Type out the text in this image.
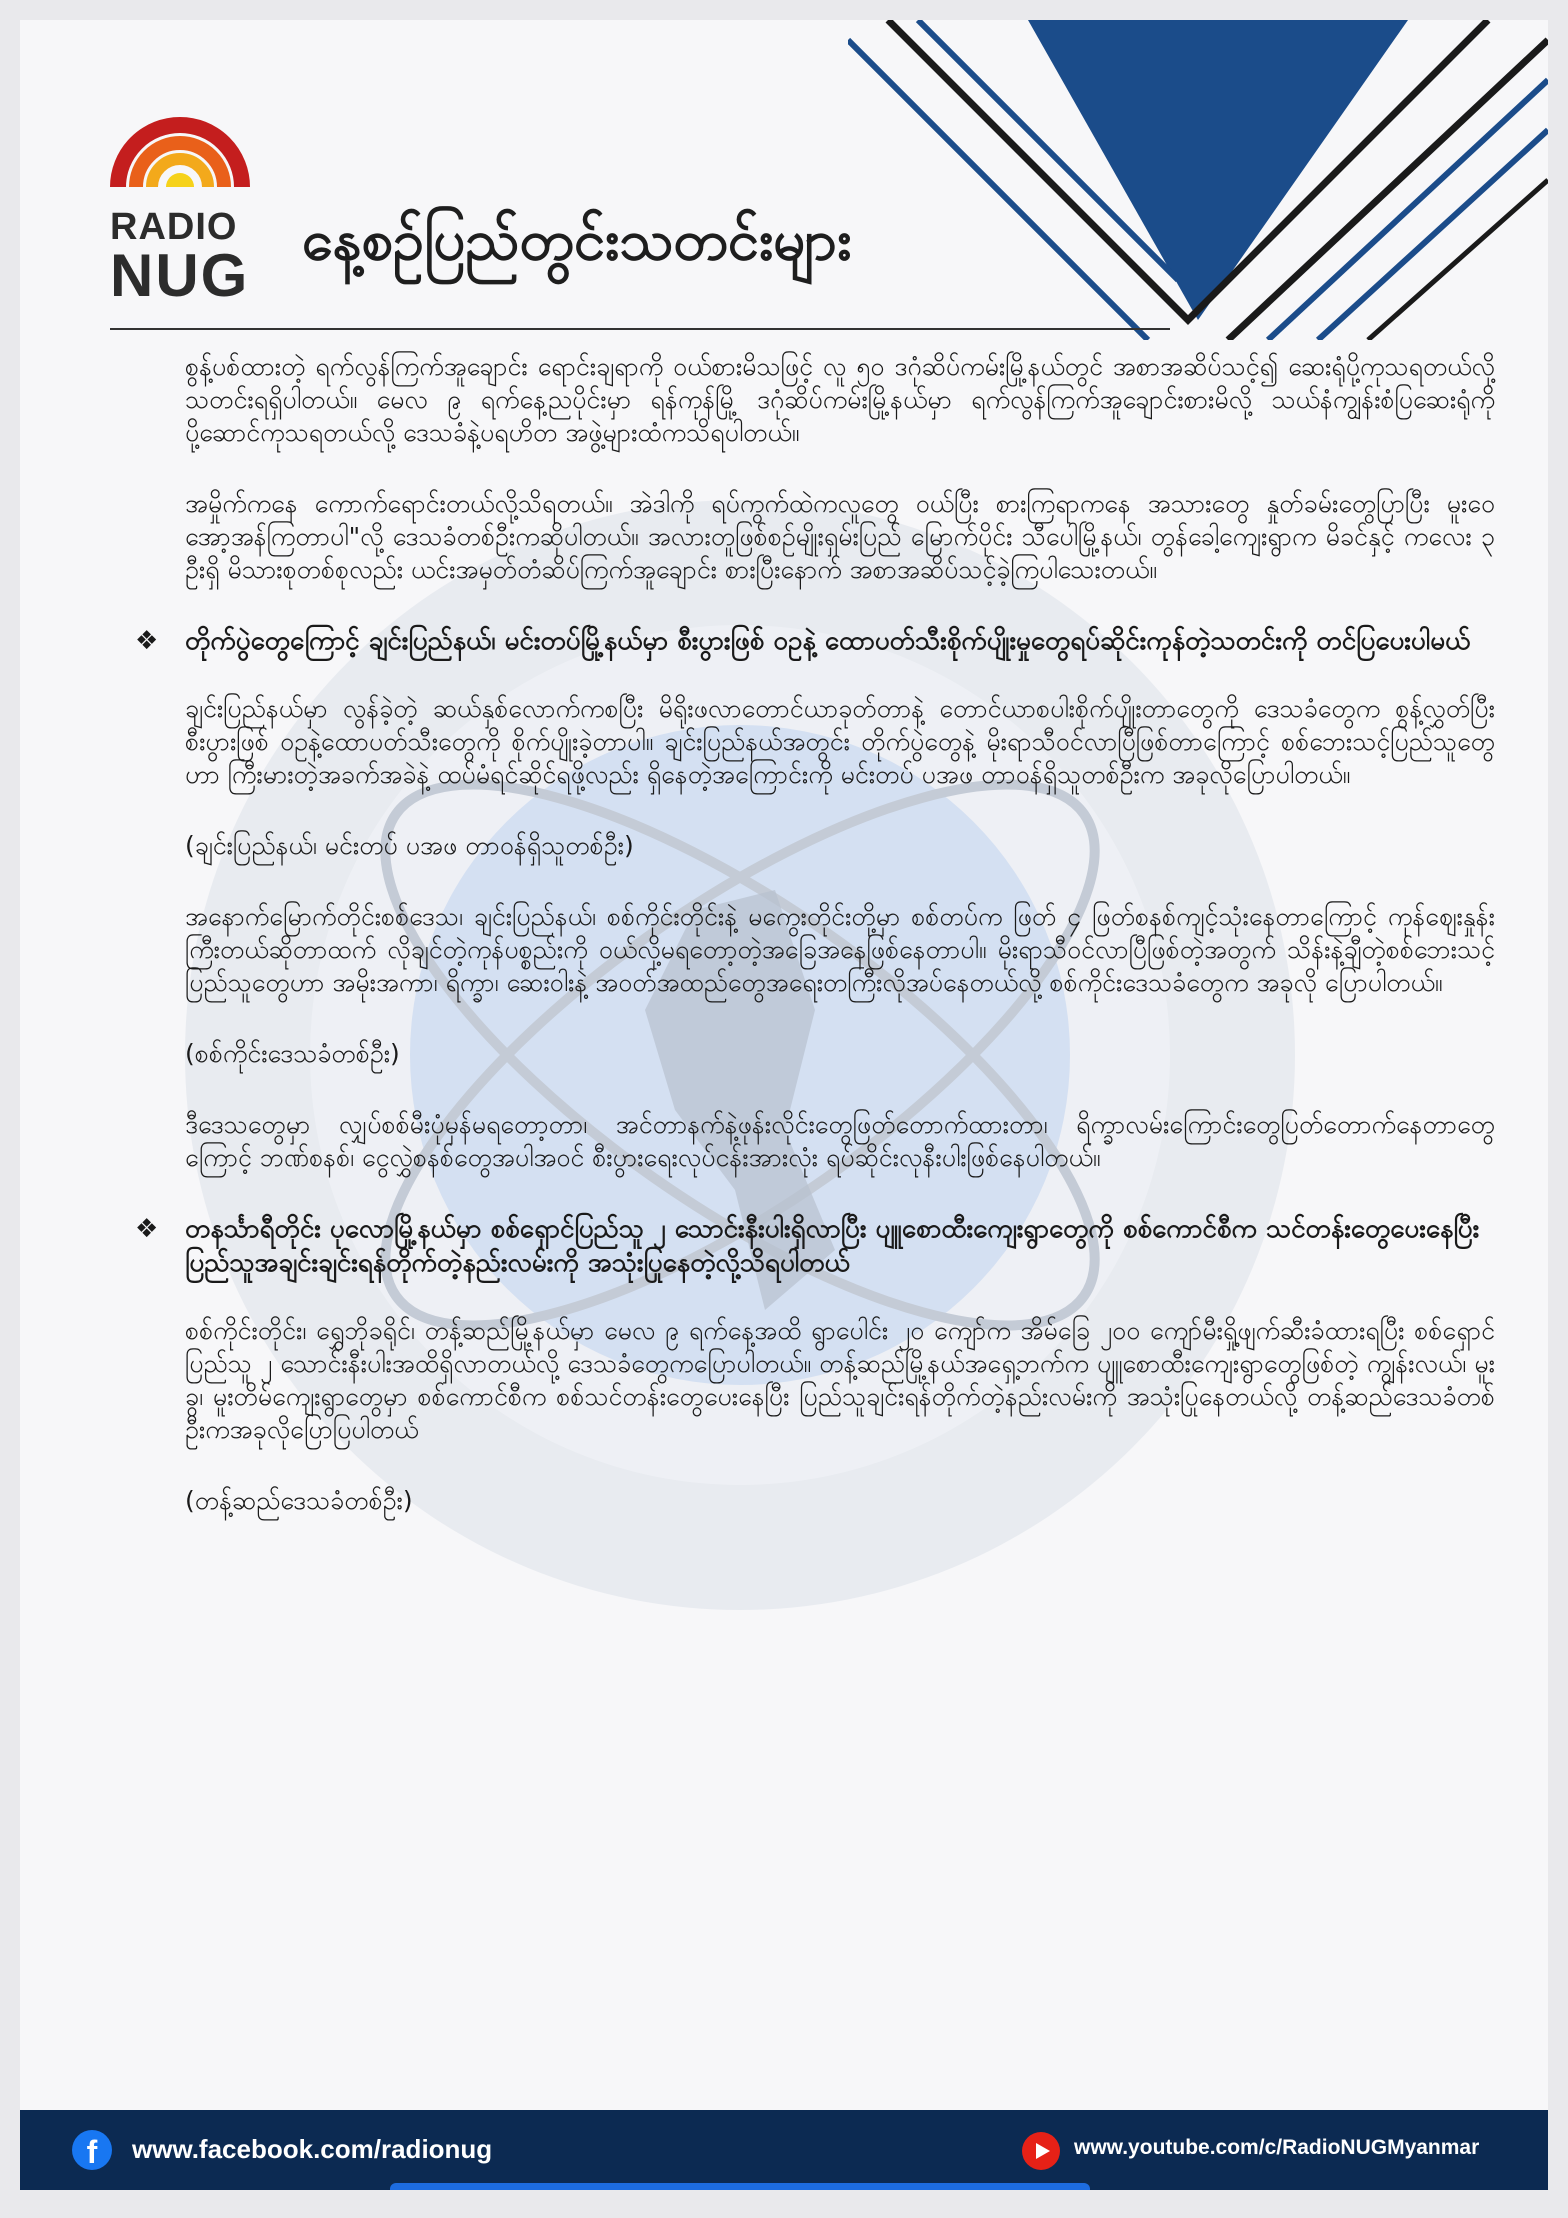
RADIO
NUG
နေ့စဉ်ပြည်တွင်းသတင်းများ

စွန့်ပစ်ထားတဲ့ ရက်လွန်ကြက်အူချောင်း ရောင်းချရာကို ဝယ်စားမိသဖြင့် လူ ၅၀ ဒဂုံဆိပ်ကမ်းမြို့နယ်တွင် အစာအဆိပ်သင့်၍ ဆေးရုံပို့ကုသရတယ်လို့သတင်းရရှိပါတယ်။ မေလ ၉ ရက်နေ့ညပိုင်းမှာ ရန်ကုန်မြို့ ဒဂုံဆိပ်ကမ်းမြို့နယ်မှာ ရက်လွန်ကြက်အူချောင်းစားမိလို့ သယ်နံကျွန်းစံပြဆေးရုံကို ပို့ဆောင်ကုသရတယ်လို့ ဒေသခံနဲ့ပရဟိတ အဖွဲ့များထံကသိရပါတယ်။

အမှိုက်ကနေ ကောက်ရောင်းတယ်လို့သိရတယ်။ အဲဒါကို ရပ်ကွက်ထဲကလူတွေ ဝယ်ပြီး စားကြရာကနေ အသားတွေ နှုတ်ခမ်းတွေပြာပြီး မူးဝေအော့အန်ကြတာပါ"လို့ ဒေသခံတစ်ဦးကဆိုပါတယ်။ အလားတူဖြစ်စဉ်မျိုးရှမ်းပြည် မြောက်ပိုင်း သီပေါမြို့နယ်၊ တွန်ခေါ့ကျေးရွာက မိခင်နှင့် ကလေး ၃ ဦးရှိ မိသားစုတစ်စုလည်း ယင်းအမှတ်တံဆိပ်ကြက်အူချောင်း စားပြီးနောက် အစာအဆိပ်သင့်ခဲ့ကြပါသေးတယ်။

❖ တိုက်ပွဲတွေကြောင့် ချင်းပြည်နယ်၊ မင်းတပ်မြို့နယ်မှာ စီးပွားဖြစ် ဝဥနဲ့ ထောပတ်သီးစိုက်ပျိုးမှုတွေရပ်ဆိုင်းကုန်တဲ့သတင်းကို တင်ပြပေးပါမယ်

ချင်းပြည်နယ်မှာ လွန်ခဲ့တဲ့ ဆယ်နှစ်လောက်ကစပြီး မိရိုးဖလာတောင်ယာခုတ်တာနဲ့ တောင်ယာစပါးစိုက်ပျိုးတာတွေကို ဒေသခံတွေက စွန့်လွှတ်ပြီး စီးပွားဖြစ် ဝဥနဲ့ထောပတ်သီးတွေကို စိုက်ပျိုးခဲ့တာပါ။ ချင်းပြည်နယ်အတွင်း တိုက်ပွဲတွေနဲ့ မိုးရာသီဝင်လာပြီဖြစ်တာကြောင့် စစ်ဘေးသင့်ပြည်သူတွေဟာ ကြီးမားတဲ့အခက်အခဲနဲ့ ထပ်မံရင်ဆိုင်ရဖို့လည်း ရှိနေတဲ့အကြောင်းကို မင်းတပ် ပအဖ တာဝန်ရှိသူတစ်ဦးက အခုလိုပြောပါတယ်။

(ချင်းပြည်နယ်၊ မင်းတပ် ပအဖ တာဝန်ရှိသူတစ်ဦး)

အနောက်မြောက်တိုင်းစစ်ဒေသ၊ ချင်းပြည်နယ်၊ စစ်ကိုင်းတိုင်းနဲ့ မကွေးတိုင်းတို့မှာ စစ်တပ်က ဖြတ် ၄ ဖြတ်စနစ်ကျင့်သုံးနေတာကြောင့် ကုန်ဈေးနှုန်းကြီးတယ်ဆိုတာထက် လိုချင်တဲ့ကုန်ပစ္စည်းကို ဝယ်လို့မရတော့တဲ့အခြေအနေဖြစ်နေတာပါ။ မိုးရာသီဝင်လာပြီဖြစ်တဲ့အတွက် သိန်းနဲ့ချီတဲ့စစ်ဘေးသင့်ပြည်သူတွေဟာ အမိုးအကာ၊ ရိက္ခာ၊ ဆေးဝါးနဲ့ အဝတ်အထည်တွေအရေးတကြီးလိုအပ်နေတယ်လို့ စစ်ကိုင်းဒေသခံတွေက အခုလို ပြောပါတယ်။

(စစ်ကိုင်းဒေသခံတစ်ဦး)

ဒီဒေသတွေမှာ လျှပ်စစ်မီးပုံမှန်မရတော့တာ၊ အင်တာနက်နဲ့ဖုန်းလိုင်းတွေဖြတ်တောက်ထားတာ၊ ရိက္ခာလမ်းကြောင်းတွေပြတ်တောက်နေတာတွေကြောင့် ဘဏ်စနစ်၊ ငွေလွှဲစနစ်တွေအပါအဝင် စီးပွားရေးလုပ်ငန်းအားလုံး ရပ်ဆိုင်းလုနီးပါးဖြစ်နေပါတယ်။

❖ တနင်္သာရီတိုင်း ပုလောမြို့နယ်မှာ စစ်ရှောင်ပြည်သူ ၂ သောင်းနီးပါးရှိလာပြီး ပျူစောထီးကျေးရွာတွေကို စစ်ကောင်စီက သင်တန်းတွေပေးနေပြီး ပြည်သူအချင်းချင်းရန်တိုက်တဲ့နည်းလမ်းကို အသုံးပြုနေတဲ့လို့သိရပါတယ်

စစ်ကိုင်းတိုင်း၊ ရွှေဘိုခရိုင်၊ တန့်ဆည်မြို့နယ်မှာ မေလ ၉ ရက်နေ့အထိ ရွာပေါင်း ၂၀ ကျော်က အိမ်ခြေ ၂၀၀ ကျော်မီးရှို့ဖျက်ဆီးခံထားရပြီး စစ်ရှောင်ပြည်သူ ၂ သောင်းနီးပါးအထိရှိလာတယ်လို့ ဒေသခံတွေကပြောပါတယ်။ တန့်ဆည်မြို့နယ်အရှေ့ဘက်က ပျူစောထီးကျေးရွာတွေဖြစ်တဲ့ ကျွန်းလယ်၊ မူးခွ၊ မူးတိမ်ကျေးရွာတွေမှာ စစ်ကောင်စီက စစ်သင်တန်းတွေပေးနေပြီး ပြည်သူချင်းရန်တိုက်တဲ့နည်းလမ်းကို အသုံးပြုနေတယ်လို့ တန့်ဆည်ဒေသခံတစ်ဦးကအခုလိုပြောပြပါတယ်

(တန့်ဆည်ဒေသခံတစ်ဦး)

f	www.facebook.com/radionug	www.youtube.com/c/RadioNUGMyanmar
